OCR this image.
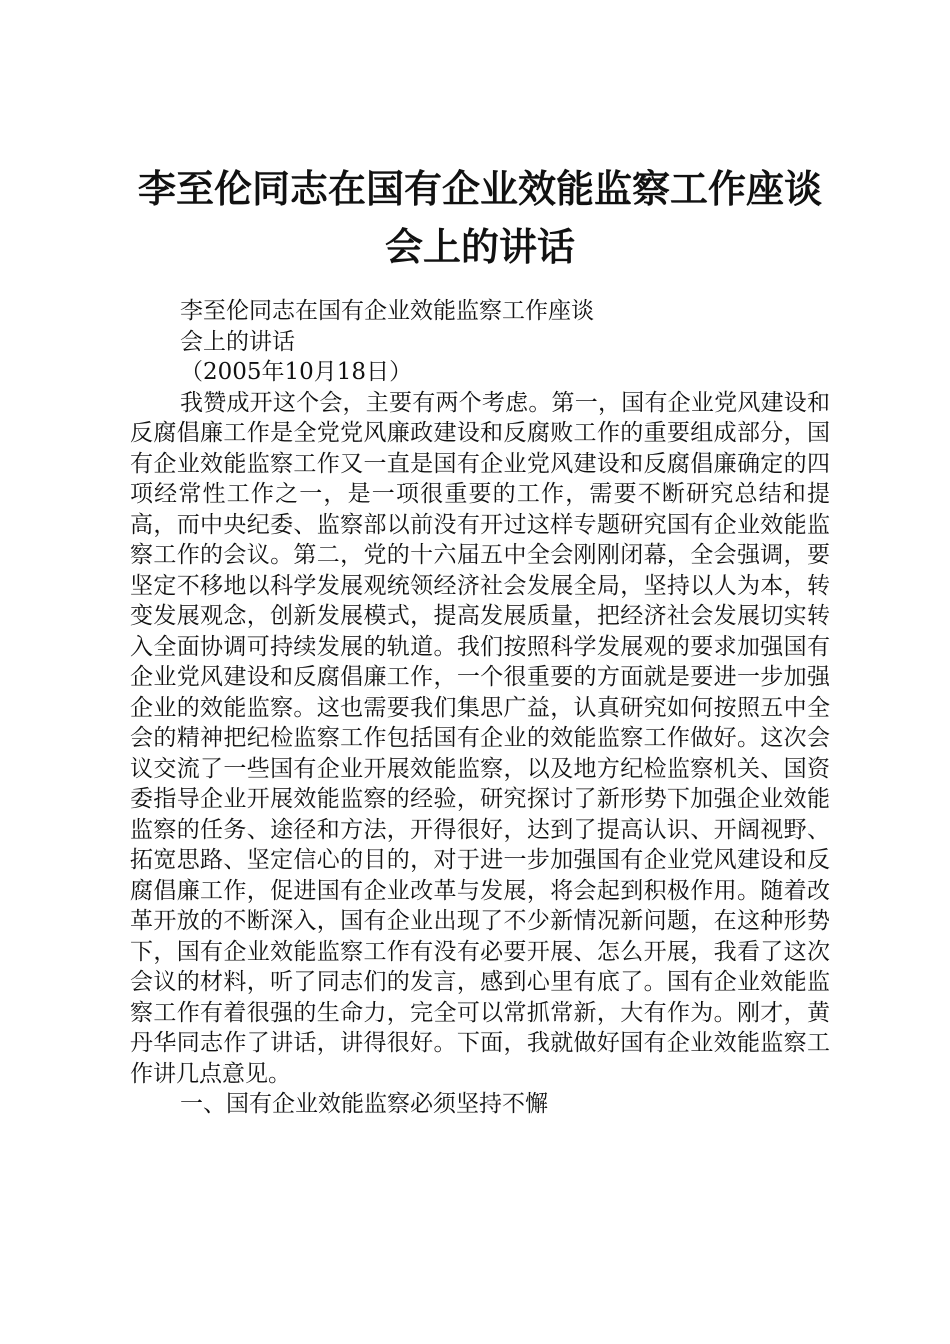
李至伦同志在国有企业效能监察工作座谈会上的讲话

李至伦同志在国有企业效能监察工作座谈

会上的讲话

（2005年10月18日）

我赞成开这个会，主要有两个考虑。第一，国有企业党风建设和反腐倡廉工作是全党党风廉政建设和反腐败工作的重要组成部分，国有企业效能监察工作又一直是国有企业党风建设和反腐倡廉确定的四项经常性工作之一，是一项很重要的工作，需要不断研究总结和提高，而中央纪委、监察部以前没有开过这样专题研究国有企业效能监察工作的会议。第二，党的十六届五中全会刚刚闭幕，全会强调，要坚定不移地以科学发展观统领经济社会发展全局，坚持以人为本，转变发展观念，创新发展模式，提高发展质量，把经济社会发展切实转入全面协调可持续发展的轨道。我们按照科学发展观的要求加强国有企业党风建设和反腐倡廉工作，一个很重要的方面就是要进一步加强企业的效能监察。这也需要我们集思广益，认真研究如何按照五中全会的精神把纪检监察工作包括国有企业的效能监察工作做好。这次会议交流了一些国有企业开展效能监察，以及地方纪检监察机关、国资委指导企业开展效能监察的经验，研究探讨了新形势下加强企业效能监察的任务、途径和方法，开得很好，达到了提高认识、开阔视野、拓宽思路、坚定信心的目的，对于进一步加强国有企业党风建设和反腐倡廉工作，促进国有企业改革与发展，将会起到积极作用。随着改革开放的不断深入，国有企业出现了不少新情况新问题，在这种形势下，国有企业效能监察工作有没有必要开展、怎么开展，我看了这次会议的材料，听了同志们的发言，感到心里有底了。国有企业效能监察工作有着很强的生命力，完全可以常抓常新，大有作为。刚才，黄丹华同志作了讲话，讲得很好。下面，我就做好国有企业效能监察工作讲几点意见。

一、国有企业效能监察必须坚持不懈
